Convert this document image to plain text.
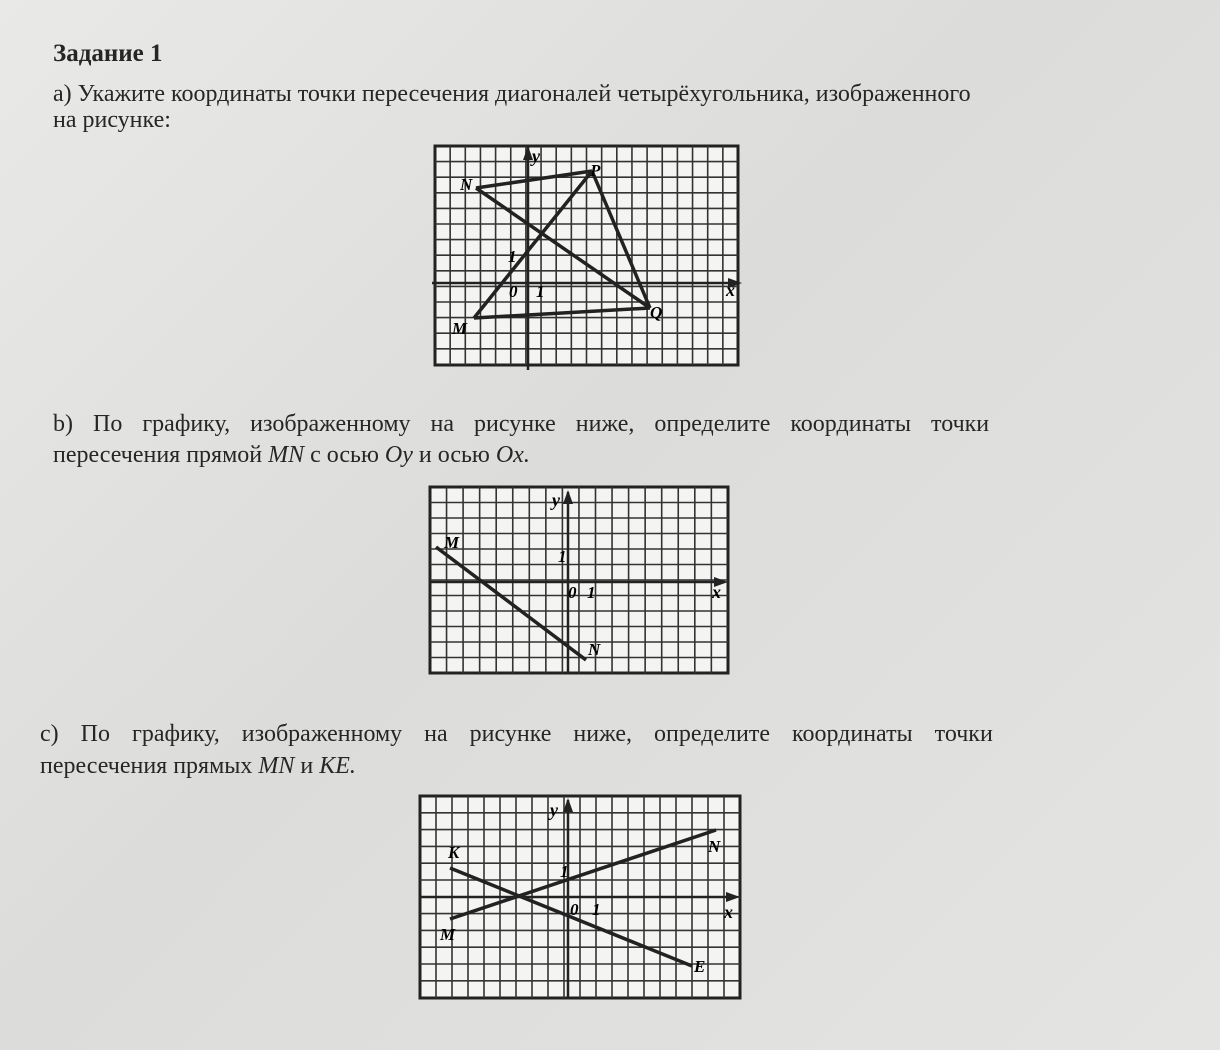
Задание 1
а) Укажите координаты точки пересечения диагоналей четырёхугольника, изображенного
на рисунке:
y
x
0 1
1
N
P
Q
M
b) По графику, изображенному на рисунке ниже, определите координаты точки
пересечения прямой MN с осью Oy и осью Ox.
y
x
0 1
1
M
N
с) По графику, изображенному на рисунке ниже, определите координаты точки
пересечения прямых MN и KE.
y
x
0 1
1
K
E
M
N
